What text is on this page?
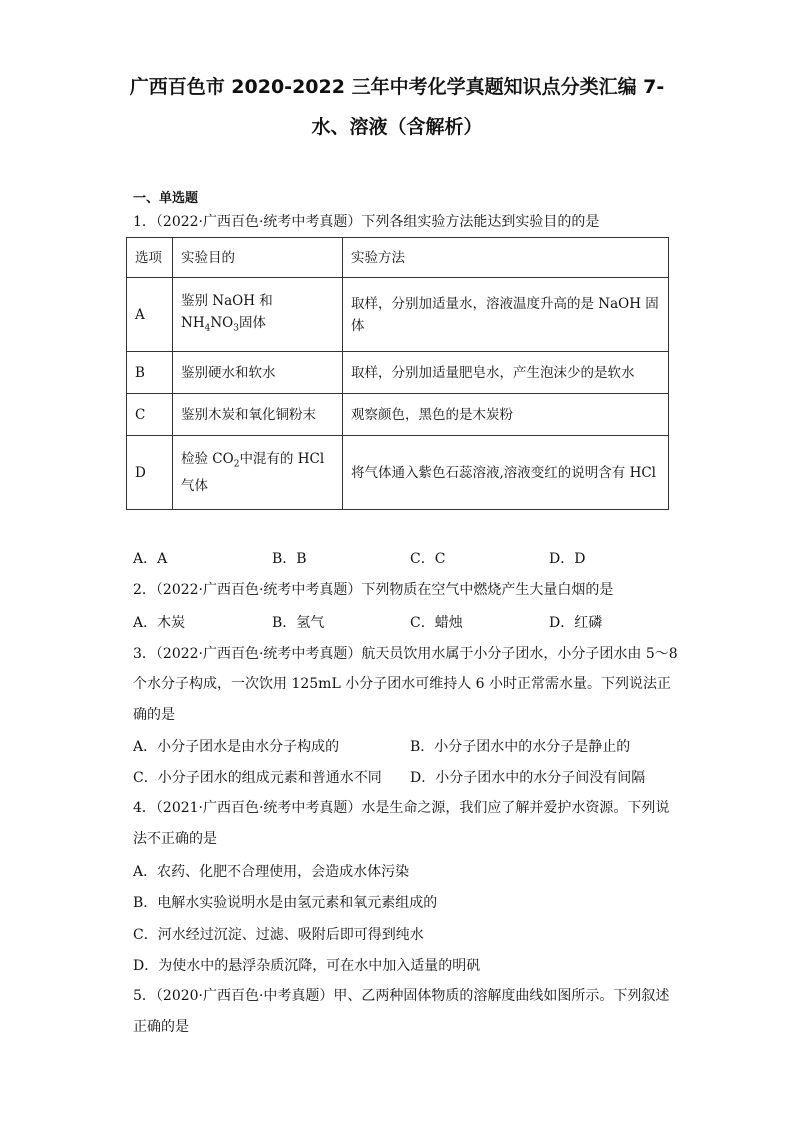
广西百色市 2020-2022 三年中考化学真题知识点分类汇编 7-
水、溶液（含解析）
一、单选题
1．（2022·广西百色·统考中考真题）下列各组实验方法能达到实验目的的是
选项	实验目的	实验方法
A	鉴别 NaOH 和 $NH_4NO_3$固体	取样，分别加适量水，溶液温度升高的是 NaOH 固体
B	鉴别硬水和软水	取样，分别加适量肥皂水，产生泡沫少的是软水
C	鉴别木炭和氧化铜粉末	观察颜色，黑色的是木炭粉
D	检验 $CO_2$中混有的 HCl 气体	将气体通入紫色石蕊溶液,溶液变红的说明含有 HCl
A．A	B．B	C．C	D．D
2．（2022·广西百色·统考中考真题）下列物质在空气中燃烧产生大量白烟的是
A．木炭	B．氢气	C．蜡烛	D．红磷
3．（2022·广西百色·统考中考真题）航天员饮用水属于小分子团水，小分子团水由 5～8
个水分子构成，一次饮用 125mL 小分子团水可维持人 6 小时正常需水量。下列说法正
确的是
A．小分子团水是由水分子构成的	B．小分子团水中的水分子是静止的
C．小分子团水的组成元素和普通水不同 D．小分子团水中的水分子间没有间隔
4．（2021·广西百色·统考中考真题）水是生命之源，我们应了解并爱护水资源。下列说
法不正确的是
A．农药、化肥不合理使用，会造成水体污染
B．电解水实验说明水是由氢元素和氧元素组成的
C．河水经过沉淀、过滤、吸附后即可得到纯水
D．为使水中的悬浮杂质沉降，可在水中加入适量的明矾
5．（2020·广西百色·中考真题）甲、乙两种固体物质的溶解度曲线如图所示。下列叙述
正确的是
